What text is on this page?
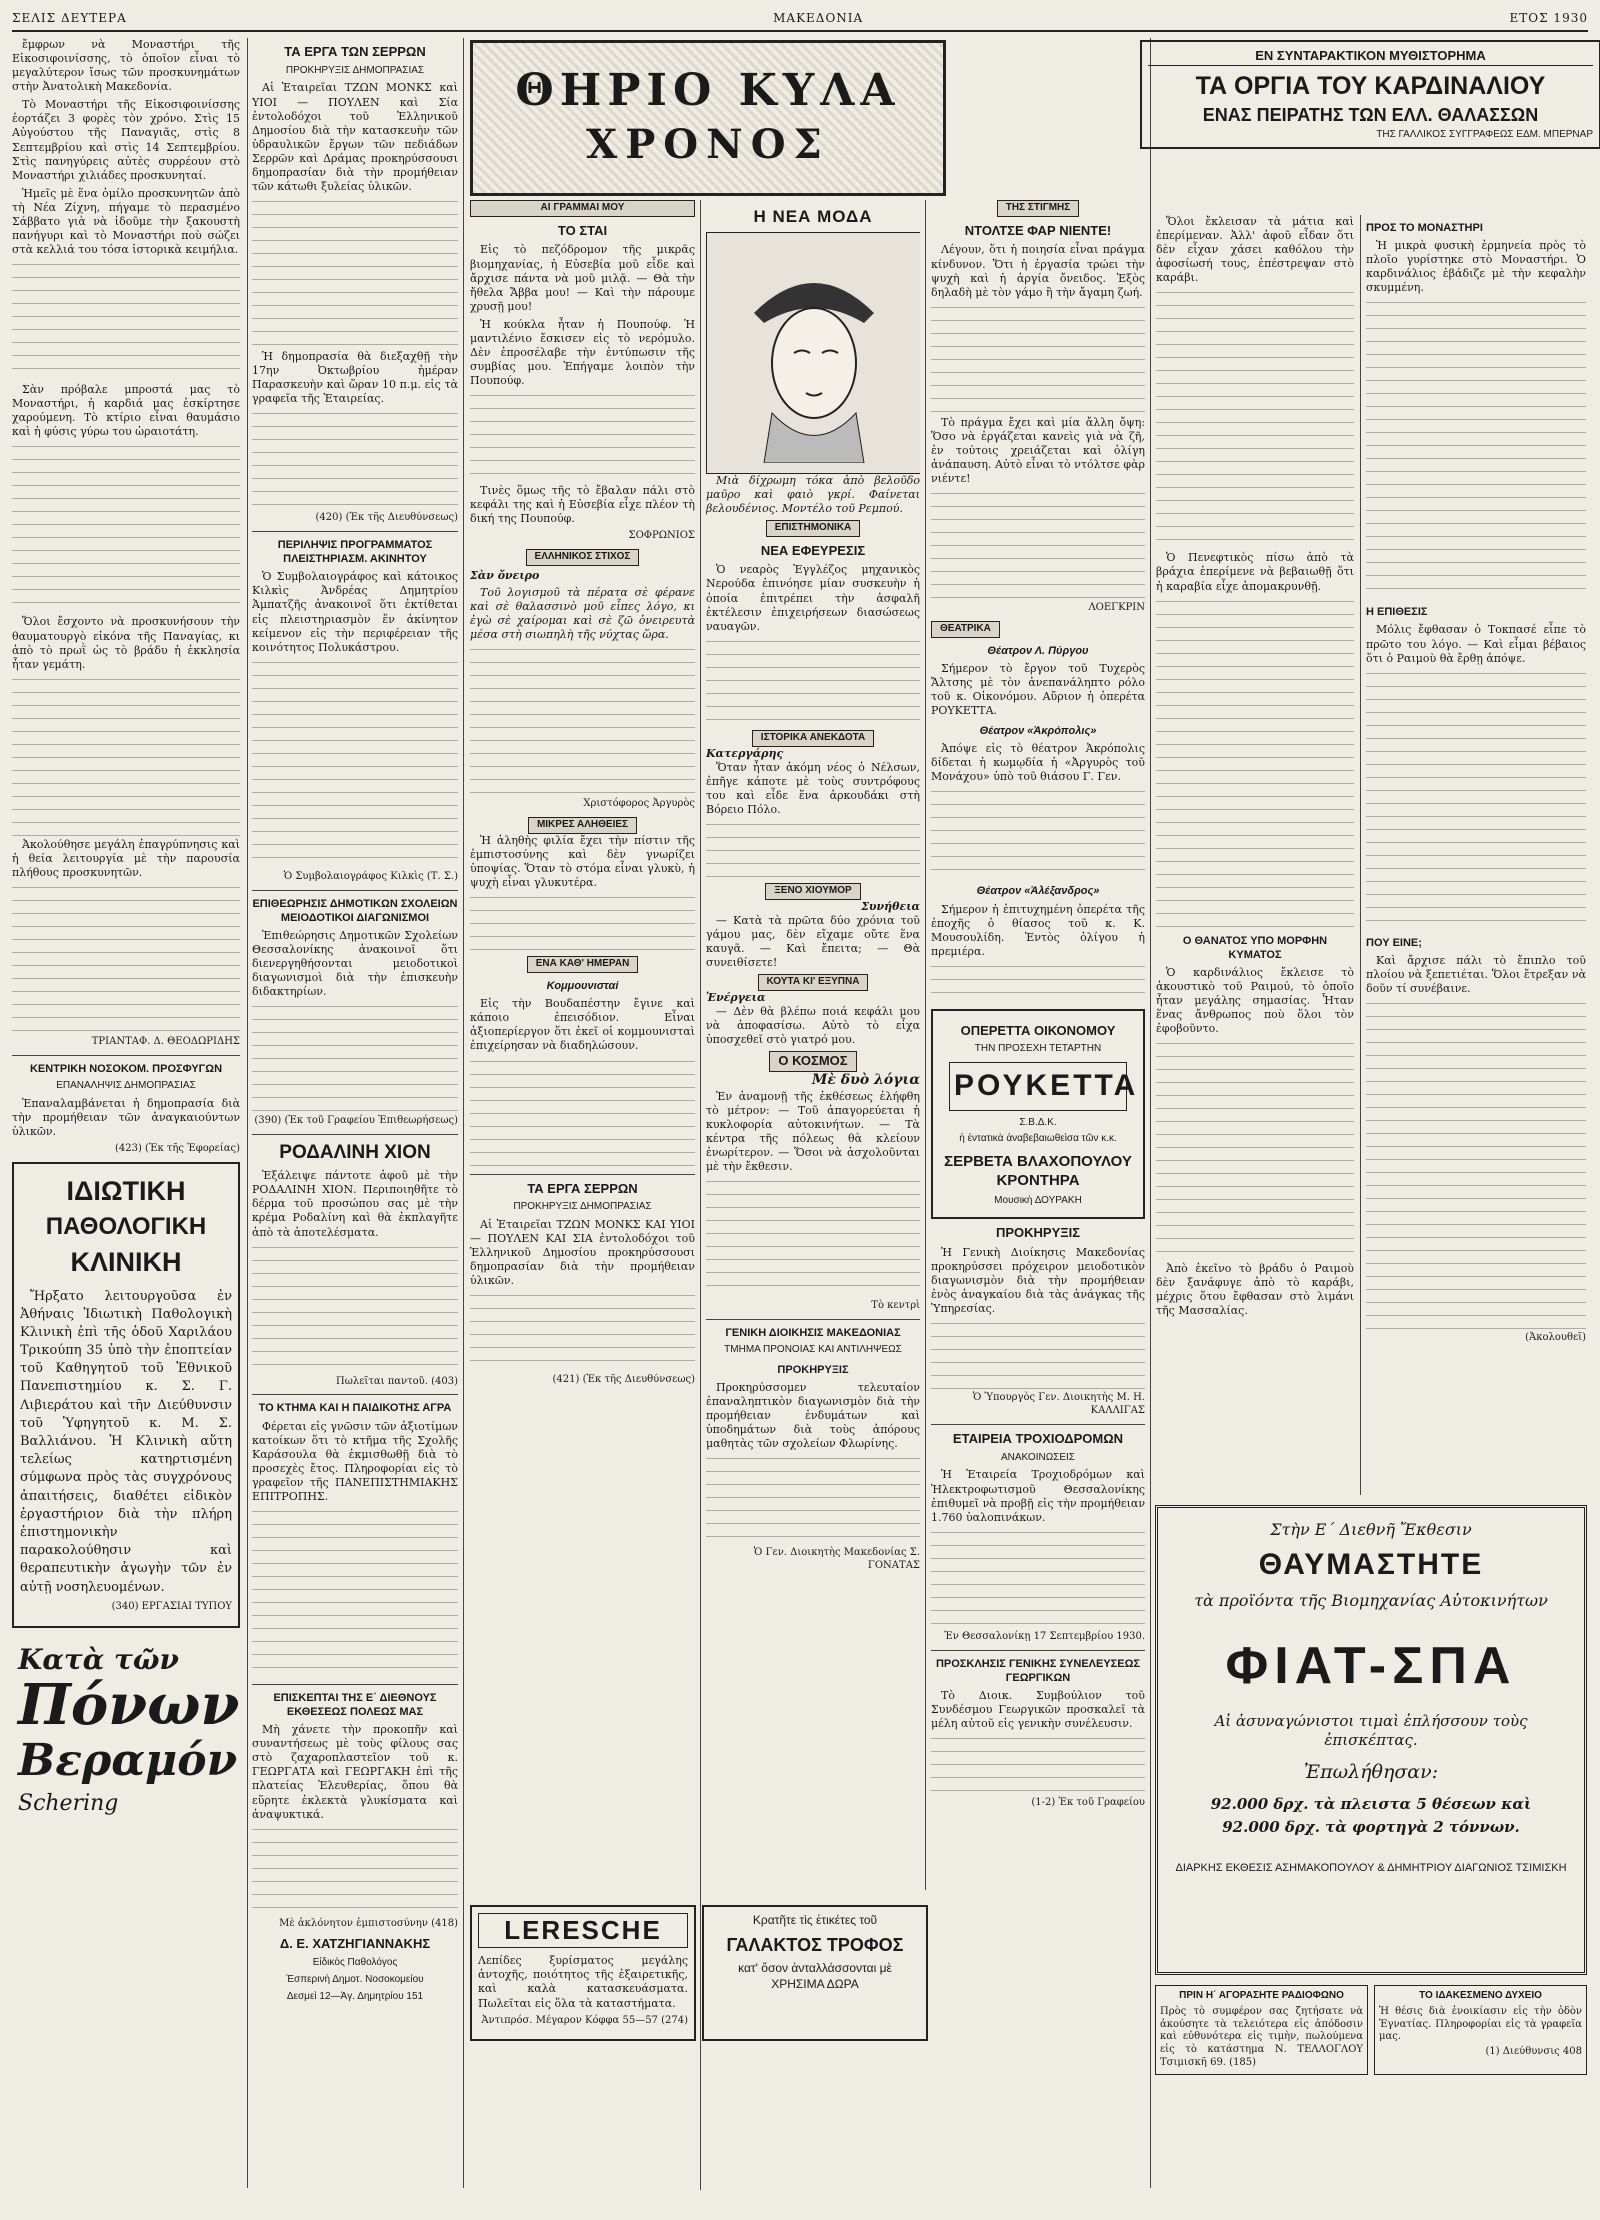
ΣΕΛΙΣ ΔΕΥΤΕΡΑ	ΜΑΚΕΔΟΝΙΑ	ΕΤΟΣ 1930

ἔμφρων νὰ Μοναστήρι τῆς Εἰκοσιφοινίσσης, τὸ ὁποῖον εἶναι τὸ μεγαλύτερον ἴσως τῶν προσκυνημάτων στὴν Ἀνατολικὴ Μακεδονία.

Τὸ Μοναστήρι τῆς Εἰκοσιφοινίσσης ἑορτάζει 3 φορὲς τὸν χρόνο. Στὶς 15 Αὐγούστου τῆς Παναγιᾶς, στὶς 8 Σεπτεμβρίου καὶ στὶς 14 Σεπτεμβρίου. Στὶς πανηγύρεις αὐτὲς συρρέουν στὸ Μοναστήρι χιλιάδες προσκυνηταί.

Ἡμεῖς μὲ ἕνα ὁμίλο προσκυνητῶν ἀπὸ τὴ Νέα Ζίχνη, πήγαμε τὸ περασμένο Σάββατο γιὰ νὰ ἰδοῦμε τὴν ξακουστὴ πανήγυρι καὶ τὸ Μοναστήρι ποὺ σώζει στὰ κελλιά του τόσα ἱστορικὰ κειμήλια.

Σὰν πρόβαλε μπροστά μας τὸ Μοναστήρι, ἡ καρδιά μας ἐσκίρτησε χαρούμενη. Τὸ κτίριο εἶναι θαυμάσιο καὶ ἡ φύσις γύρω του ὡραιοτάτη.

Ὅλοι ἔσχοντο νὰ προσκυνήσουν τὴν θαυματουργὸ εἰκόνα τῆς Παναγίας, κι ἀπὸ τὸ πρωῒ ὡς τὸ βράδυ ἡ ἐκκλησία ἦταν γεμάτη.

Ἀκολούθησε μεγάλη ἐπαγρύπνησις καὶ ἡ θεία λειτουργία μὲ τὴν παρουσία πλήθους προσκυνητῶν.

ΤΡΙΑΝΤΑΦ. Δ. ΘΕΟΔΩΡΙΔΗΣ
ΚΕΝΤΡΙΚΗ ΝΟΣΟΚΟΜ. ΠΡΟΣΦΥΓΩΝ
ΕΠΑΝΑΛΗΨΙΣ ΔΗΜΟΠΡΑΣΙΑΣ

Ἐπαναλαμβάνεται ἡ δημοπρασία διὰ τὴν προμήθειαν τῶν ἀναγκαιούντων ὑλικῶν.

(423) (Ἐκ τῆς Ἐφορείας)
ΙΔΙΩΤΙΚΗ
ΠΑΘΟΛΟΓΙΚΗ
ΚΛΙΝΙΚΗ

Ἤρξατο λειτουργοῦσα ἐν Ἀθήναις Ἰδιωτικὴ Παθολογικὴ Κλινικὴ ἐπὶ τῆς ὁδοῦ Χαριλάου Τρικούπη 35 ὑπὸ τὴν ἐποπτείαν τοῦ Καθηγητοῦ τοῦ Ἐθνικοῦ Πανεπιστημίου κ. Σ. Γ. Λιβιεράτου καὶ τῆν Διεύθυνσιν τοῦ Ὑφηγητοῦ κ. Μ. Σ. Βαλλιάνου. Ἡ Κλινικὴ αὕτη τελείως κατηρτισμένη σύμφωνα πρὸς τὰς συγχρόνους ἀπαιτήσεις, διαθέτει εἰδικὸν ἐργαστήριον διὰ τὴν πλήρη ἐπιστημονικὴν παρακολούθησιν καὶ θεραπευτικὴν ἀγωγὴν τῶν ἐν αὐτῇ νοσηλευομένων.

(340) ΕΡΓΑΣΙΑΙ ΤΥΠΟΥ
Κατὰ τῶν
Πόνων
Βεραμόν
Schering
ΤΑ ΕΡΓΑ ΤΩΝ ΣΕΡΡΩΝ
ΠΡΟΚΗΡΥΞΙΣ ΔΗΜΟΠΡΑΣΙΑΣ

Αἱ Ἑταιρεῖαι ΤΖΩΝ ΜΟΝΚΣ καὶ ΥΙΟΙ — ΠΟΥΛΕΝ καὶ Σία ἐντολοδόχοι τοῦ Ἑλληνικοῦ Δημοσίου διὰ τὴν κατασκευὴν τῶν ὑδραυλικῶν ἔργων τῶν πεδιάδων Σερρῶν καὶ Δράμας προκηρύσσουσι δημοπρασίαν διὰ τὴν προμήθειαν τῶν κάτωθι ξυλείας ὑλικῶν.

Ἡ δημοπρασία θὰ διεξαχθῇ τὴν 17ην Ὀκτωβρίου ἡμέραν Παρασκευὴν καὶ ὥραν 10 π.μ. εἰς τὰ γραφεῖα τῆς Ἑταιρείας.

(420) (Ἐκ τῆς Διευθύνσεως)
ΠΕΡΙΛΗΨΙΣ ΠΡΟΓΡΑΜΜΑΤΟΣ ΠΛΕΙΣΤΗΡΙΑΣΜ. ΑΚΙΝΗΤΟΥ

Ὁ Συμβολαιογράφος καὶ κάτοικος Κιλκὶς Ἀνδρέας Δημητρίου Ἀμπατζῆς ἀνακοινοῖ ὅτι ἐκτίθεται εἰς πλειστηριασμὸν ἕν ἀκίνητον κείμενον εἰς τὴν περιφέρειαν τῆς κοινότητος Πολυκάστρου.

Ὁ Συμβολαιογράφος Κιλκὶς (Τ. Σ.)
ΕΠΙΘΕΩΡΗΣΙΣ ΔΗΜΟΤΙΚΩΝ ΣΧΟΛΕΙΩΝ ΜΕΙΟΔΟΤΙΚΟΙ ΔΙΑΓΩΝΙΣΜΟΙ

Ἐπιθεώρησις Δημοτικῶν Σχολείων Θεσσαλονίκης ἀνακοινοῖ ὅτι διενεργηθήσονται μειοδοτικοὶ διαγωνισμοὶ διὰ τὴν ἐπισκευὴν διδακτηρίων.

(390) (Ἐκ τοῦ Γραφείου Ἐπιθεωρήσεως)
ΡΟΔΑΛΙΝΗ ΧΙΟΝ

Ἐξάλειψε πάντοτε ἀφοῦ μὲ τὴν ΡΟΔΑΛΙΝΗ ΧΙΟΝ. Περιποιηθῆτε τὸ δέρμα τοῦ προσώπου σας μὲ τὴν κρέμα Ροδαλίνη καὶ θὰ ἐκπλαγῆτε ἀπὸ τὰ ἀποτελέσματα.

Πωλεῖται παντοῦ. (403)
ΤΟ ΚΤΗΜΑ ΚΑΙ Η ΠΑΙΔΙΚΟΤΗΣ ΑΓΡΑ

Φέρεται εἰς γνῶσιν τῶν ἀξιοτίμων κατοίκων ὅτι τὸ κτῆμα τῆς Σχολῆς Καράσουλα θὰ ἐκμισθωθῇ διὰ τὸ προσεχὲς ἔτος. Πληροφορίαι εἰς τὸ γραφεῖον τῆς ΠΑΝΕΠΙΣΤΗΜΙΑΚΗΣ ΕΠΙΤΡΟΠΗΣ.

ΕΠΙΣΚΕΠΤΑΙ ΤΗΣ Ε΄ ΔΙΕΘΝΟΥΣ ΕΚΘΕΣΕΩΣ ΠΟΛΕΩΣ ΜΑΣ

Μὴ χάνετε τὴν προκοπῆν καὶ συναντήσεως μὲ τοὺς φίλους σας στὸ ζαχαροπλαστεῖον τοῦ κ. ΓΕΩΡΓΑΤΑ καὶ ΓΕΩΡΓΑΚΗ ἐπὶ τῆς πλατείας Ἐλευθερίας, ὅπου θὰ εὕρητε ἐκλεκτὰ γλυκίσματα καὶ ἀναψυκτικά.

Μὲ ἀκλόνητον ἐμπιστοσύνην (418)
Δ. Ε. ΧΑΤΖΗΓΙΑΝΝΑΚΗΣ
Εἰδικὸς Παθολόγος
Ἑσπερινὴ Δημοτ. Νοσοκομείου
Δεσμεὶ 12—Ἀγ. Δημητρίου 151
ΘΗΡΙΟ ΚΥΛΑ
ΧΡΟΝΟΣ
ΕΝ ΣΥΝΤΑΡΑΚΤΙΚΟΝ ΜΥΘΙΣΤΟΡΗΜΑ
ΤΑ ΟΡΓΙΑ ΤΟΥ ΚΑΡΔΙΝΑΛΙΟΥ
ΕΝΑΣ ΠΕΙΡΑΤΗΣ ΤΩΝ ΕΛΛ. ΘΑΛΑΣΣΩΝ
ΤΗΣ ΓΑΛΛΙΚΟΣ ΣΥΓΓΡΑΦΕΩΣ ΕΔΜ. ΜΠΕΡΝΑΡ
ΑΙ ΓΡΑΜΜΑΙ ΜΟΥ
ΤΟ ΣΤΑΙ

Εἰς τὸ πεζόδρομον τῆς μικρᾶς βιομηχανίας, ἡ Εὐσεβία μοῦ εἶδε καὶ ἄρχισε πάντα νὰ μοῦ μιλᾷ. — Θὰ τὴν ἤθελα Ἄββα μου! — Καὶ τὴν πάρουμε χρυσῇ μου!

Ἡ κούκλα ἦταν ἡ Πουπούφ. Ἡ μαντιλένιο ἔσκισεν εἰς τὸ νερόμυλο. Δὲν ἐπροσέλαβε τὴν ἐντύπωσιν τῆς συμβίας μου. Ἐπήγαμε λοιπὸν τὴν Πουπούφ.

Τινὲς ὅμως τῆς τὸ ἔβαλαν πάλι στὸ κεφάλι της καὶ ἡ Εὐσεβία εἶχε πλέον τὴ δική της Πουπούφ.

ΣΟΦΡΩΝΙΟΣ
ΕΛΛΗΝΙΚΟΣ ΣΤΙΧΟΣ
Σὰν ὄνειρο

Τοῦ λογισμοῦ τὰ πέρατα σὲ φέρανε καὶ σὲ θαλασσινὸ μοῦ εἶπες λόγο, κι ἐγὼ σὲ χαίρομαι καὶ σὲ ζῶ ὀνειρευτὰ μέσα στὴ σιωπηλὴ τῆς νύχτας ὥρα.

Χριστόφορος Ἀργυρὸς
ΜΙΚΡΕΣ ΑΛΗΘΕΙΕΣ

Ἡ ἀληθὴς φιλία ἔχει τὴν πίστιν τῆς ἐμπιστοσύνης καὶ δὲν γνωρίζει ὑποψίας. Ὅταν τὸ στόμα εἶναι γλυκὺ, ἡ ψυχὴ εἶναι γλυκυτέρα.

ΕΝΑ ΚΑΘ' ΗΜΕΡΑΝ
Κομμουνισταί

Εἰς τὴν Βουδαπέστην ἔγινε καὶ κάποιο ἐπεισόδιον. Εἶναι ἀξιοπερίεργον ὅτι ἐκεῖ οἱ κομμουνισταὶ ἐπιχείρησαν νὰ διαδηλώσουν.

ΤΑ ΕΡΓΑ ΣΕΡΡΩΝ
ΠΡΟΚΗΡΥΞΙΣ ΔΗΜΟΠΡΑΣΙΑΣ

Αἱ Ἑταιρεῖαι ΤΖΩΝ ΜΟΝΚΣ ΚΑΙ ΥΙΟΙ — ΠΟΥΛΕΝ ΚΑΙ ΣΙΑ ἐντολοδόχοι τοῦ Ἑλληνικοῦ Δημοσίου προκηρύσσουσι δημοπρασίαν διὰ τὴν προμήθειαν ὑλικῶν.

(421) (Ἐκ τῆς Διευθύνσεως)
Η ΝΕΑ ΜΟΔΑ

Μιὰ δίχρωμη τόκα ἀπὸ βελοῦδο μαῦρο καὶ φαιὸ γκρί. Φαίνεται βελουδένιος. Μοντέλο τοῦ Ρεμπού.

ΕΠΙΣΤΗΜΟΝΙΚΑ
ΝΕΑ ΕΦΕΥΡΕΣΙΣ

Ὁ νεαρὸς Ἐγγλέζος μηχανικὸς Νερούδα ἐπινόησε μίαν συσκευὴν ἡ ὁποία ἐπιτρέπει τὴν ἀσφαλῆ ἐκτέλεσιν ἐπιχειρήσεων διασώσεως ναυαγῶν.

ΙΣΤΟΡΙΚΑ ΑΝΕΚΔΟΤΑ
Κατεργάρης

Ὅταν ἦταν ἀκόμη νέος ὁ Νέλσων, ἐπῆγε κάποτε μὲ τοὺς συντρόφους του καὶ εἶδε ἕνα ἀρκουδάκι στὴ Βόρειο Πόλο.

ΞΕΝΟ ΧΙΟΥΜΟΡ
Συνήθεια

— Κατὰ τὰ πρῶτα δύο χρόνια τοῦ γάμου μας, δὲν εἴχαμε οὔτε ἕνα καυγᾶ. — Καὶ ἔπειτα; — Θὰ συνειθίσετε!

ΚΟΥΤΑ ΚΙ' ΕΞΥΠΝΑ
Ἐνέργεια

— Δὲν θὰ βλέπω ποιά κεφάλι μου νὰ ἀποφασίσω. Αὐτὸ τὸ εἶχα ὑποσχεθεῖ στὸ γιατρό μου.

Ο ΚΟΣΜΟΣ
Μὲ δυὸ λόγια

Ἐν ἀναμονῇ τῆς ἐκθέσεως ἐλήφθη τὸ μέτρον: — Τοῦ ἀπαγορεύεται ἡ κυκλοφορία αὐτοκινήτων. — Τὰ κέντρα τῆς πόλεως θὰ κλείουν ἐνωρίτερον. — Ὅσοι νὰ ἀσχολοῦνται μὲ τὴν ἔκθεσιν.

Τὸ κεντρὶ
ΓΕΝΙΚΗ ΔΙΟΙΚΗΣΙΣ ΜΑΚΕΔΟΝΙΑΣ
ΤΜΗΜΑ ΠΡΟΝΟΙΑΣ ΚΑΙ ΑΝΤΙΛΗΨΕΩΣ
ΠΡΟΚΗΡΥΞΙΣ

Προκηρύσσομεν τελευταίον ἐπαναληπτικὸν διαγωνισμὸν διὰ τὴν προμήθειαν ἐνδυμάτων καὶ ὑποδημάτων διὰ τοὺς ἀπόρους μαθητὰς τῶν σχολείων Φλωρίνης.

Ὁ Γεν. Διοικητὴς Μακεδονίας Σ. ΓΟΝΑΤΑΣ
ΤΗΣ ΣΤΙΓΜΗΣ
ΝΤΟΛΤΣΕ ΦΑΡ ΝΙΕΝΤΕ!

Λέγουν, ὅτι ἡ ποιησία εἶναι πράγμα κίνδυνον. Ὅτι ἡ ἐργασία τρώει τὴν ψυχὴ καὶ ἡ ἀργία ὄνειδος. Ἐξὸς δηλαδὴ μὲ τὸν γάμο ἢ τὴν ἄγαμη ζωή.

Τὸ πράγμα ἔχει καὶ μία ἄλλη ὄψη: Ὅσο νὰ ἐργάζεται κανεὶς γιὰ νὰ ζῆ, ἐν τούτοις χρειάζεται καὶ ὀλίγη ἀνάπαυση. Αὐτὸ εἶναι τὸ ντόλτσε φὰρ νιέντε!

ΛΟΕΓΚΡΙΝ
ΘΕΑΤΡΙΚΑ
Θέατρον Λ. Πύργου

Σήμερον τὸ ἔργον τοῦ Τυχερὸς Ἄλτσης μὲ τὸν ἀνεπανάληπτο ρόλο τοῦ κ. Οἰκονόμου. Αὔριον ἡ ὀπερέτα ΡΟΥΚΕΤΤΑ.

Θέατρον «Ἀκρόπολις»

Ἀπόψε εἰς τὸ θέατρον Ἀκρόπολις δίδεται ἡ κωμῳδία ἡ «Ἀργυρὸς τοῦ Μονάχου» ὑπὸ τοῦ θιάσου Γ. Γεν.

Θέατρον «Ἀλέξανδρος»

Σήμερον ἡ ἐπιτυχημένη ὀπερέτα τῆς ἐποχῆς ὁ θίασος τοῦ κ. Κ. Μουσουλίδη. Ἐντὸς ὀλίγου ἡ πρεμιέρα.

ΟΠΕΡΕΤΤΑ ΟΙΚΟΝΟΜΟΥ
ΤΗΝ ΠΡΟΣΕΧΗ ΤΕΤΑΡΤΗΝ
ΡΟΥΚΕΤΤΑ
Σ.Β.Δ.Κ.
ἡ ἐντατικὰ ἀναβεβαιωθεὶσα τῶν κ.κ.
ΣΕΡΒΕΤΑ ΒΛΑΧΟΠΟΥΛΟΥ ΚΡΟΝΤΗΡΑ
Μουσικὴ ΔΟΥΡΑΚΗ
ΠΡΟΚΗΡΥΞΙΣ

Ἡ Γενικὴ Διοίκησις Μακεδονίας προκηρύσσει πρόχειρον μειοδοτικὸν διαγωνισμὸν διὰ τὴν προμήθειαν ἐνὸς ἀναγκαίου διὰ τὰς ἀνάγκας τῆς Ὑπηρεσίας.

Ὁ Ὑπουργὸς Γεν. Διοικητὴς Μ. Η. ΚΑΛΛΙΓΑΣ
ΕΤΑΙΡΕΙΑ ΤΡΟΧΙΟΔΡΟΜΩΝ
ΑΝΑΚΟΙΝΩΣΕΙΣ

Ἡ Ἑταιρεία Τροχιοδρόμων καὶ Ἠλεκτροφωτισμοῦ Θεσσαλονίκης ἐπιθυμεῖ νὰ προβῇ εἰς τὴν προμήθειαν 1.760 ὑαλοπινάκων.

Ἐν Θεσσαλονίκῃ 17 Σεπτεμβρίου 1930.
ΠΡΟΣΚΛΗΣΙΣ ΓΕΝΙΚΗΣ ΣΥΝΕΛΕΥΣΕΩΣ ΓΕΩΡΓΙΚΩΝ

Τὸ Διοικ. Συμβούλιον τοῦ Συνδέσμου Γεωργικῶν προσκαλεῖ τὰ μέλη αὐτοῦ εἰς γενικὴν συνέλευσιν.

(1-2) Ἐκ τοῦ Γραφείου

Ὅλοι ἔκλεισαν τὰ μάτια καὶ ἐπερίμεναν. Ἀλλ' ἀφοῦ εἶδαν ὅτι δὲν εἶχαν χάσει καθόλου τὴν ἀφοσίωσή τους, ἐπέστρεψαν στὸ καράβι.

Ὁ Πενεφτικὸς πίσω ἀπὸ τὰ βράχια ἐπερίμενε νὰ βεβαιωθῇ ὅτι ἡ καραβία εἶχε ἀπομακρυνθῇ.

Ο ΘΑΝΑΤΟΣ ΥΠΟ ΜΟΡΦΗΝ ΚΥΜΑΤΟΣ

Ὁ καρδινάλιος ἔκλεισε τὸ ἀκουστικὸ τοῦ Ραιμού, τὸ ὁποῖο ἦταν μεγάλης σημασίας. Ἦταν ἕνας ἄνθρωπος ποὺ ὅλοι τὸν ἐφοβοῦντο.

Ἀπὸ ἐκεῖνο τὸ βράδυ ὁ Ραιμοὺ δὲν ξανάφυγε ἀπὸ τὸ καράβι, μέχρις ὅτου ἔφθασαν στὸ λιμάνι τῆς Μασσαλίας.

ΠΡΟΣ ΤΟ ΜΟΝΑΣΤΗΡΙ

Ἡ μικρὰ φυσικὴ ἑρμηνεία πρὸς τὸ πλοῖο γυρίστηκε στὸ Μοναστήρι. Ὁ καρδινάλιος ἐβάδιζε μὲ τὴν κεφαλὴν σκυμμένη.

Η ΕΠΙΘΕΣΙΣ

Μόλις ἔφθασαν ὁ Τοκπασέ εἶπε τὸ πρῶτο του λόγο. — Καὶ εἶμαι βέβαιος ὅτι ὁ Ραιμοὺ θὰ ἔρθῃ ἀπόψε.

ΠΟΥ ΕΙΝΕ;

Καὶ ἄρχισε πάλι τὸ ἔπιπλο τοῦ πλοίου νὰ ξεπετιέται. Ὅλοι ἔτρεξαν νὰ δοῦν τί συνέβαινε.

(Ἀκολουθεῖ)
LERESCHE

Λεπίδες ξυρίσματος μεγάλης ἀντοχῆς, ποιότητος τῆς ἐξαιρετικῆς, καὶ καλὰ κατασκευάσματα. Πωλεῖται εἰς ὅλα τὰ καταστήματα.

Ἀντιπρόσ. Μέγαρον Κόφφα 55—57 (274)
Κρατῆτε τὶς ἐτικέτες τοῦ
ΓΑΛΑΚΤΟΣ ΤΡΟΦΟΣ
κατ' ὄσον ἀνταλλάσσονται μὲ ΧΡΗΣΙΜΑ ΔΩΡΑ
Στὴν Ε΄ Διεθνῆ Ἔκθεσιν
ΘΑΥΜΑΣΤΗΤΕ
τὰ προϊόντα τῆς Βιομηχανίας Αὐτοκινήτων
ΦΙΑΤ-ΣΠΑ
Αἱ ἀσυναγώνιστοι τιμαὶ ἐπλήσσουν τοὺς ἐπισκέπτας.
Ἐπωλήθησαν:
92.000 δρχ. τὰ πλειστα 5 θέσεων καὶ
92.000 δρχ. τὰ φορτηγὰ 2 τόννων.
ΔΙΑΡΚΗΣ ΕΚΘΕΣΙΣ ΑΣΗΜΑΚΟΠΟΥΛΟΥ & ΔΗΜΗΤΡΙΟΥ ΔΙΑΓΩΝΙΟΣ ΤΣΙΜΙΣΚΗ
ΠΡΙΝ Η΄ ΑΓΟΡΑΣΗΤΕ ΡΑΔΙΟΦΩΝΟ
Πρὸς τὸ συμφέρον σας ζητήσατε νὰ ἀκούσητε τὰ τελειότερα εἰς ἀπόδοσιν καὶ εὐθυνότερα εἰς τιμὴν, πωλούμενα εἰς τὸ κατάστημα Ν. ΤΕΛΛΟΓΛΟΥ Τσιμισκῆ 69. (185)
ΤΟ ΙΔΑΚΕΣΜΕΝΟ ΔΥΧΕΙΟ
Ἡ θέσις διὰ ἐνοικίασιν εἰς τὴν ὁδὸν Ἐγνατίας. Πληροφορίαι εἰς τὰ γραφεῖα μας.
(1) Διεύθυνσις 408
